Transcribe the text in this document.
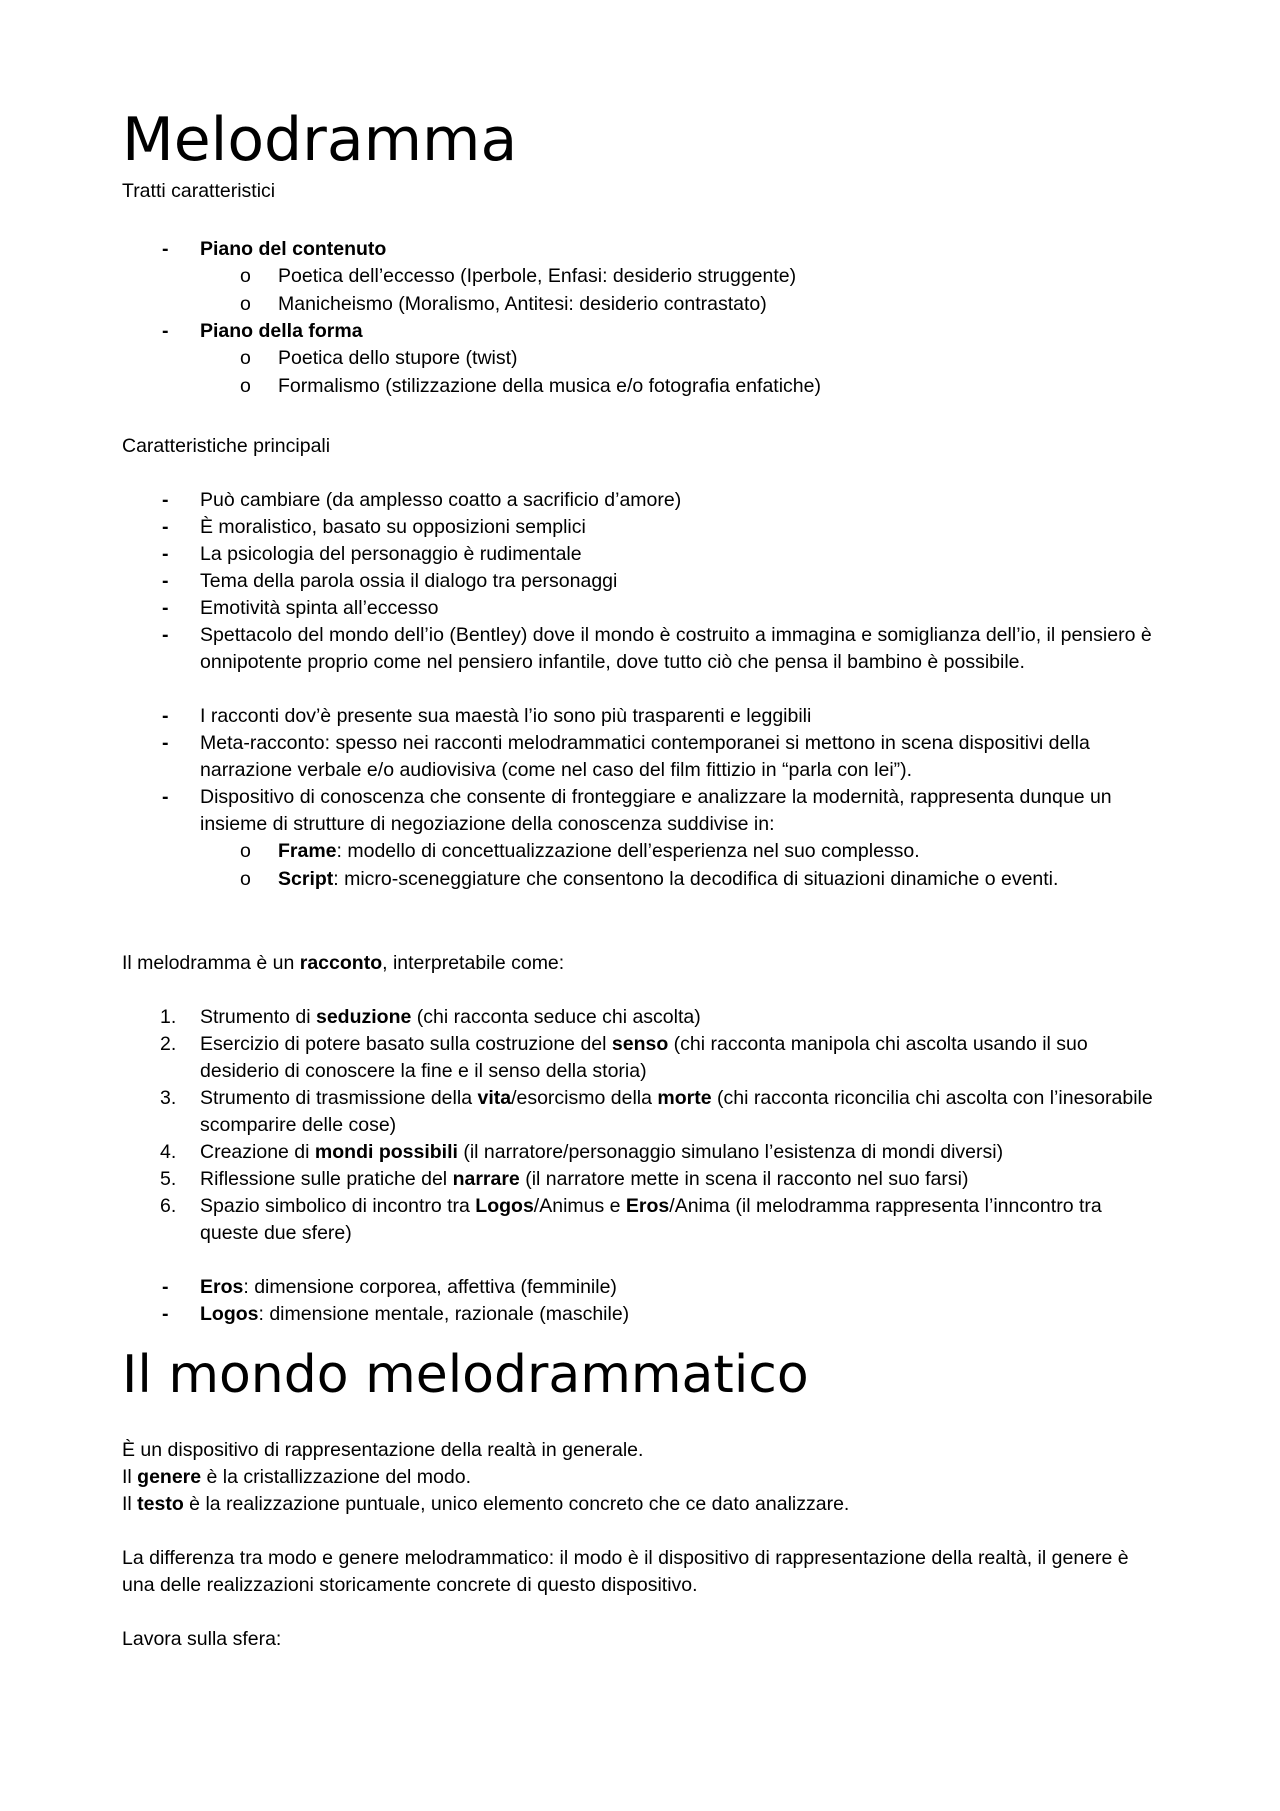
Melodramma
Tratti caratteristici
- Piano del contenuto
o Poetica dell’eccesso (Iperbole, Enfasi: desiderio struggente)
o Manicheismo (Moralismo, Antitesi: desiderio contrastato)
- Piano della forma
o Poetica dello stupore (twist)
o Formalismo (stilizzazione della musica e/o fotografia enfatiche)
Caratteristiche principali
- Può cambiare (da amplesso coatto a sacrificio d’amore)
- È moralistico, basato su opposizioni semplici
- La psicologia del personaggio è rudimentale
- Tema della parola ossia il dialogo tra personaggi
- Emotività spinta all’eccesso
- Spettacolo del mondo dell’io (Bentley) dove il mondo è costruito a immagina e somiglianza dell’io, il pensiero è onnipotente proprio come nel pensiero infantile, dove tutto ciò che pensa il bambino è possibile.
- I racconti dov’è presente sua maestà l’io sono più trasparenti e leggibili
- Meta-racconto: spesso nei racconti melodrammatici contemporanei si mettono in scena dispositivi della narrazione verbale e/o audiovisiva (come nel caso del film fittizio in “parla con lei”).
- Dispositivo di conoscenza che consente di fronteggiare e analizzare la modernità, rappresenta dunque un insieme di strutture di negoziazione della conoscenza suddivise in:
o Frame: modello di concettualizzazione dell’esperienza nel suo complesso.
o Script: micro-sceneggiature che consentono la decodifica di situazioni dinamiche o eventi.
Il melodramma è un racconto, interpretabile come:
1. Strumento di seduzione (chi racconta seduce chi ascolta)
2. Esercizio di potere basato sulla costruzione del senso (chi racconta manipola chi ascolta usando il suo desiderio di conoscere la fine e il senso della storia)
3. Strumento di trasmissione della vita/esorcismo della morte (chi racconta riconcilia chi ascolta con l’inesorabile scomparire delle cose)
4. Creazione di mondi possibili (il narratore/personaggio simulano l’esistenza di mondi diversi)
5. Riflessione sulle pratiche del narrare (il narratore mette in scena il racconto nel suo farsi)
6. Spazio simbolico di incontro tra Logos/Animus e Eros/Anima (il melodramma rappresenta l’inncontro tra queste due sfere)
- Eros: dimensione corporea, affettiva (femminile)
- Logos: dimensione mentale, razionale (maschile)
Il mondo melodrammatico
È un dispositivo di rappresentazione della realtà in generale.
Il genere è la cristallizzazione del modo.
Il testo è la realizzazione puntuale, unico elemento concreto che ce dato analizzare.
La differenza tra modo e genere melodrammatico: il modo è il dispositivo di rappresentazione della realtà, il genere è una delle realizzazioni storicamente concrete di questo dispositivo.
Lavora sulla sfera:
